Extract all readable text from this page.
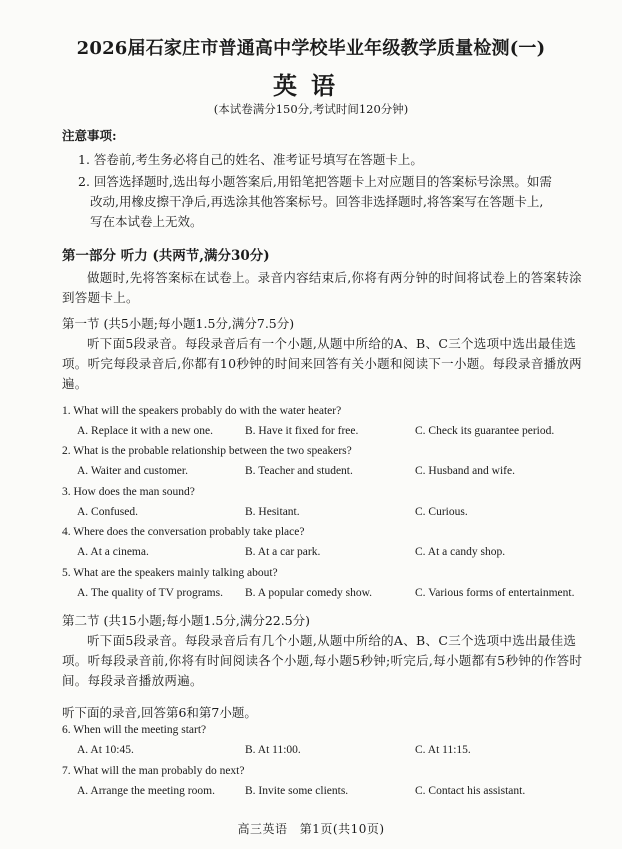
2026届石家庄市普通高中学校毕业年级教学质量检测(一)
英语
(本试卷满分150分,考试时间120分钟)
注意事项:
1. 答卷前,考生务必将自己的姓名、准考证号填写在答题卡上。
2. 回答选择题时,选出每小题答案后,用铅笔把答题卡上对应题目的答案标号涂黑。如需
改动,用橡皮擦干净后,再选涂其他答案标号。回答非选择题时,将答案写在答题卡上,
写在本试卷上无效。
第一部分 听力 (共两节,满分30分)
做题时,先将答案标在试卷上。录音内容结束后,你将有两分钟的时间将试卷上的答案转涂到答题卡上。
第一节 (共5小题;每小题1.5分,满分7.5分)
听下面5段录音。每段录音后有一个小题,从题中所给的A、B、C三个选项中选出最佳选项。听完每段录音后,你都有10秒钟的时间来回答有关小题和阅读下一小题。每段录音播放两遍。
1. What will the speakers probably do with the water heater?
A. Replace it with a new one.	B. Have it fixed for free.	C. Check its guarantee period.
2. What is the probable relationship between the two speakers?
A. Waiter and customer.	B. Teacher and student.	C. Husband and wife.
3. How does the man sound?
A. Confused.	B. Hesitant.	C. Curious.
4. Where does the conversation probably take place?
A. At a cinema.	B. At a car park.	C. At a candy shop.
5. What are the speakers mainly talking about?
A. The quality of TV programs. B. A popular comedy show.	C. Various forms of entertainment.
第二节 (共15小题;每小题1.5分,满分22.5分)
听下面5段录音。每段录音后有几个小题,从题中所给的A、B、C三个选项中选出最佳选项。听每段录音前,你将有时间阅读各个小题,每小题5秒钟;听完后,每小题都有5秒钟的作答时间。每段录音播放两遍。
听下面的录音,回答第6和第7小题。
6. When will the meeting start?
A. At 10:45.	B. At 11:00.	C. At 11:15.
7. What will the man probably do next?
A. Arrange the meeting room.	B. Invite some clients.	C. Contact his assistant.
高三英语 第1页(共10页)
